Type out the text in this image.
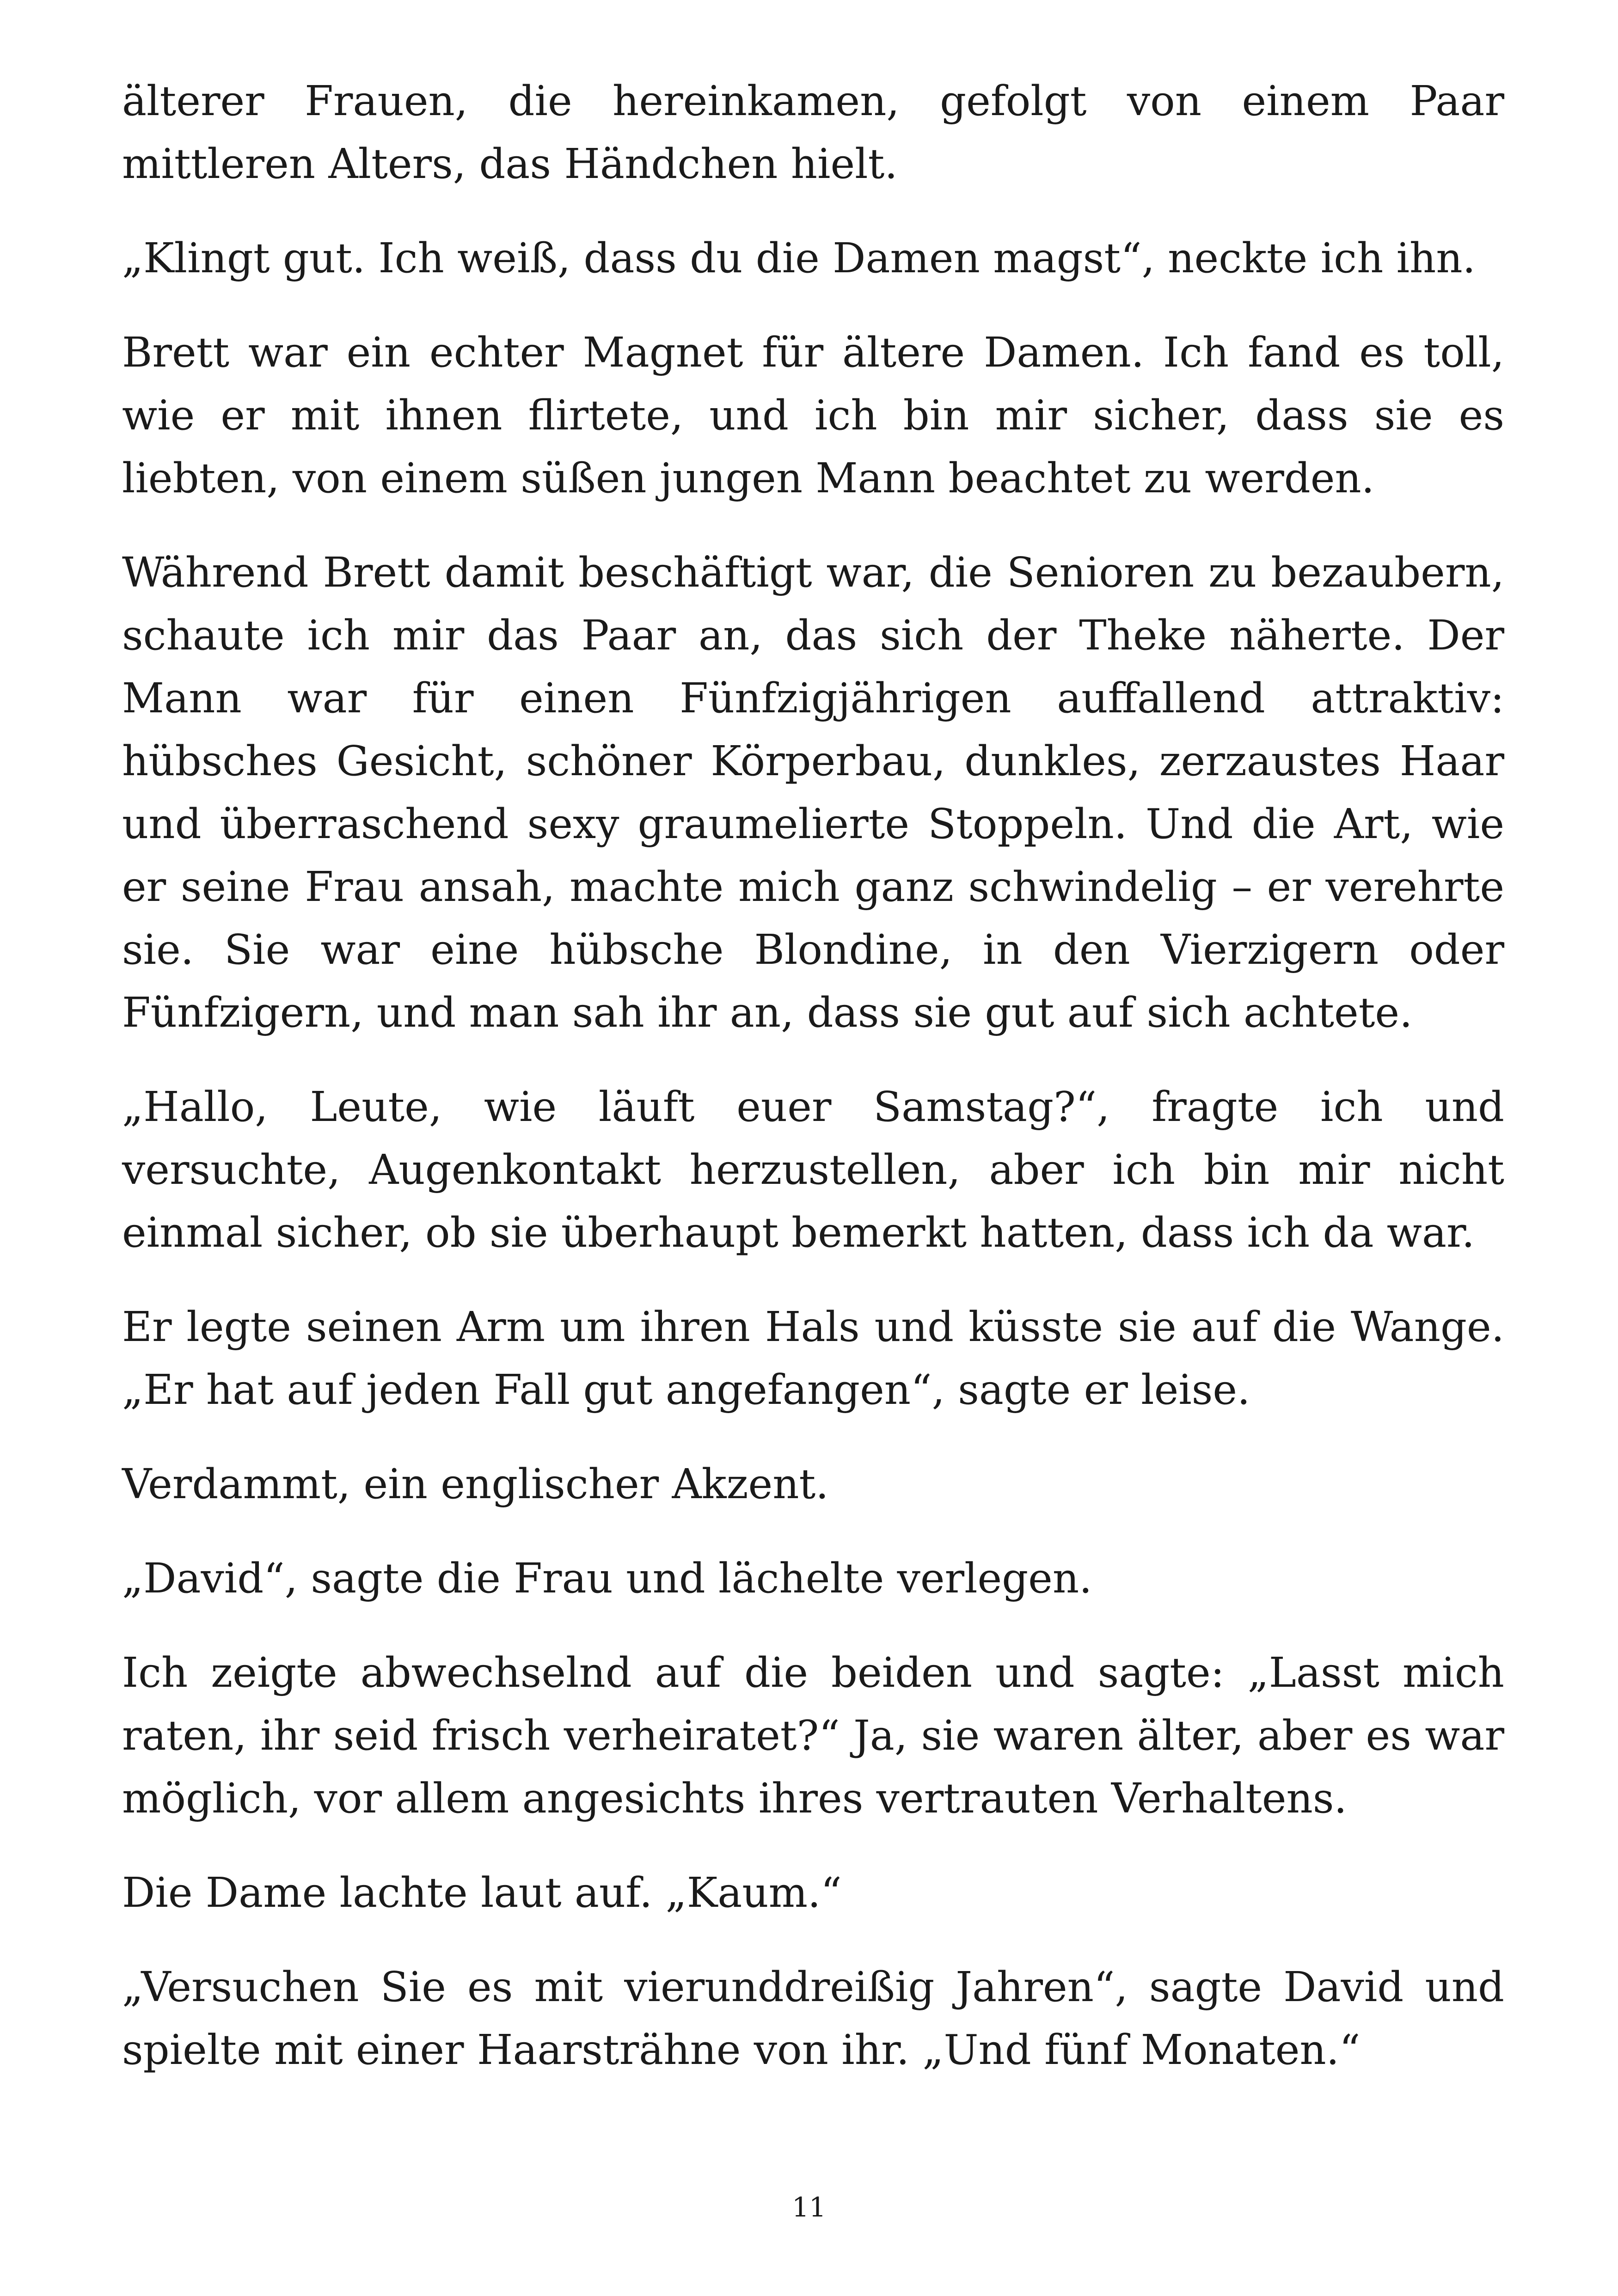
älterer Frauen, die hereinkamen, gefolgt von einem Paar mittleren Alters, das Händchen hielt.

„Klingt gut. Ich weiß, dass du die Damen magst“, neckte ich ihn.

Brett war ein echter Magnet für ältere Damen. Ich fand es toll, wie er mit ihnen flirtete, und ich bin mir sicher, dass sie es liebten, von einem süßen jungen Mann beachtet zu werden.

Während Brett damit beschäftigt war, die Senioren zu bezaubern, schaute ich mir das Paar an, das sich der Theke näherte. Der Mann war für einen Fünfzigjährigen auffallend attraktiv: hübsches Gesicht, schöner Körperbau, dunkles, zerzaustes Haar und überraschend sexy graumelierte Stoppeln. Und die Art, wie er seine Frau ansah, machte mich ganz schwindelig – er verehrte sie. Sie war eine hübsche Blondine, in den Vierzigern oder Fünfzigern, und man sah ihr an, dass sie gut auf sich achtete.

„Hallo, Leute, wie läuft euer Samstag?“, fragte ich und versuchte, Augenkontakt herzustellen, aber ich bin mir nicht einmal sicher, ob sie überhaupt bemerkt hatten, dass ich da war.

Er legte seinen Arm um ihren Hals und küsste sie auf die Wange. „Er hat auf jeden Fall gut angefangen“, sagte er leise.

Verdammt, ein englischer Akzent.

„David“, sagte die Frau und lächelte verlegen.

Ich zeigte abwechselnd auf die beiden und sagte: „Lasst mich raten, ihr seid frisch verheiratet?“ Ja, sie waren älter, aber es war möglich, vor allem angesichts ihres vertrauten Verhaltens.

Die Dame lachte laut auf. „Kaum.“

„Versuchen Sie es mit vierunddreißig Jahren“, sagte David und spielte mit einer Haarsträhne von ihr. „Und fünf Monaten.“

11
